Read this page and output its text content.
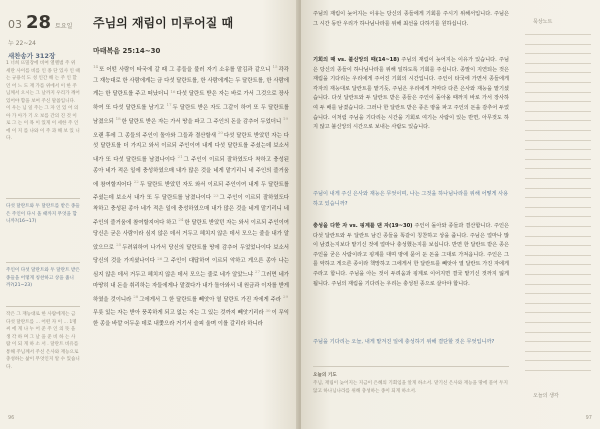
03 28 토요일
누 22~24
새찬송가 312장
1 너희 뜨밀장에 비여 열렐범 주 위 세란 사이를 비를 인 종 단 있사 인 때 는 규용석 도 성 인간 해 는 주 인 할 인 어 느 도 재 가를 위에서 이 한 주님께서 오시는 그 날까지 우리가 깨어 있어야 함을 보여 주신 말씀입니다. 이 우는 님 일 주는 그 자 인 있 어 의 아 가 아가 기 오 보를 간의 진 것 이 로 그 는 이 목 이 있게 이 세한 주 인 에 이 지 를 나와 이 주 과 해 보 있 니 다.
다섯 달란트와 두 달란트를 받은 종들은 주인이 다시 올 때까지 무엇을 합니까?(16~17)
주인이 다섯 달란트와 두 달란트 받은 종들을 어떻게 칭찬하고 상을 줍니까?(21~23)
작은 그 재능대로 한 사람에게는 금 다섯 달란트를 ... 어떤 자 이 ... 1명 씨 에 게 나 누 어 준 주 인 의 뜻 을 생 각 하 며 그 날 을 준 비 하 는 사 람 이 되 게 하 소 서 . 달란트 비유를 통해 주님께서 주신 은사와 재능으로 충성하는 삶이 무엇인지 알 수 있습니다.
주님의 재림이 미루어질 때
마태복음 25:14~30
$^{14}$또 어떤 사람이 타국에 갈 때 그 종들을 불러 자기 소유를 맡김과 같으니 $^{15}$각각 그 재능대로 한 사람에게는 금 다섯 달란트를, 한 사람에게는 두 달란트를, 한 사람에게는 한 달란트를 주고 떠났더니 $^{16}$다섯 달란트 받은 자는 바로 가서 그것으로 장사하여 또 다섯 달란트를 남기고 $^{17}$두 달란트 받은 자도 그같이 하여 또 두 달란트를 남겼으되 $^{18}$한 달란트 받은 자는 가서 땅을 파고 그 주인의 돈을 감추어 두었더니 $^{19}$오랜 후에 그 종들의 주인이 돌아와 그들과 결산할새 $^{20}$다섯 달란트 받았던 자는 다섯 달란트를 더 가지고 와서 이르되 주인이여 내게 다섯 달란트를 주셨는데 보소서 내가 또 다섯 달란트를 남겼나이다 $^{21}$그 주인이 이르되 잘하였도다 착하고 충성된 종아 네가 적은 일에 충성하였으매 내가 많은 것을 네게 맡기리니 네 주인의 즐거움에 참여할지어다 $^{22}$두 달란트 받았던 자도 와서 이르되 주인이여 내게 두 달란트를 주셨는데 보소서 내가 또 두 달란트를 남겼나이다 $^{23}$그 주인이 이르되 잘하였도다 착하고 충성된 종아 네가 적은 일에 충성하였으매 내가 많은 것을 네게 맡기리니 네 주인의 즐거움에 참여할지어다 하고 $^{24}$한 달란트 받았던 자는 와서 이르되 주인이여 당신은 굳은 사람이라 심지 않은 데서 거두고 헤치지 않은 데서 모으는 줄을 내가 알았으므로 $^{25}$두려워하여 나가서 당신의 달란트를 땅에 감추어 두었었나이다 보소서 당신의 것을 가지셨나이다 $^{26}$그 주인이 대답하여 이르되 악하고 게으른 종아 나는 심지 않은 데서 거두고 헤치지 않은 데서 모으는 줄로 네가 알았느냐 $^{27}$그러면 네가 마땅히 내 돈을 취리하는 자들에게나 맡겼다가 내가 돌아와서 내 원금과 이자를 받게 하였을 것이니라 $^{28}$그에게서 그 한 달란트를 빼앗아 열 달란트 가진 자에게 주라 $^{29}$무릇 있는 자는 받아 풍족하게 되고 없는 자는 그 있는 것까지 빼앗기리라 $^{30}$이 무익한 종을 바깥 어두운 데로 내쫓으라 거기서 슬피 울며 이를 갈리라 하니라
96
주님의 재림이 늦어지는 이유는 당신의 종들에게 기회를 주시기 위해서입니다. 주님은 그 시간 동안 우리가 하나님나라를 위해 최선을 다하기를 원하십니다.
기회의 때 vs. 불신앙의 때(14~18) 주님의 재림이 늦어지는 이유가 있습니다. 주님은 당신의 종들이 하나님나라를 위해 일하도록 기회를 주십니다. 종말이 지연되는 것은 재림을 기다리는 우리에게 주어진 기회의 시간입니다. 주인이 타국에 가면서 종들에게 각자의 재능대로 달란트를 맡기듯, 주님은 우리에게 저마다 다른 은사와 재능을 맡기셨습니다. 다섯 달란트와 두 달란트 받은 종들은 주인이 돌아올 때까지 바로 가서 장사하여 두 배를 남겼습니다. 그러나 한 달란트 받은 종은 땅을 파고 주인의 돈을 감추어 두었습니다. 이처럼 주님을 기다리는 시간을 기회로 여기는 사람이 있는 반면, 아무것도 하지 않고 불신앙의 시간으로 보내는 사람도 있습니다.
주님이 내게 주신 은사와 재능은 무엇이며, 나는 그것을 하나님나라를 위해 어떻게 사용하고 있습니까?
충성을 다한 자 vs. 핑계를 댄 자(19~30) 주인이 돌아와 종들과 결산합니다. 주인은 다섯 달란트와 두 달란트 남긴 종들을 똑같이 칭찬하고 상을 줍니다. 주님은 얼마나 많이 남겼는지보다 맡기신 것에 얼마나 충성했는지를 보십니다. 반면 한 달란트 받은 종은 주인을 굳은 사람이라고 핑계를 대며 땅에 묻어 둔 돈을 그대로 가져옵니다. 주인은 그를 악하고 게으른 종이라 책망하고 그에게서 한 달란트를 빼앗아 열 달란트 가진 자에게 주라고 합니다. 주님을 아는 것이 두려움과 핑계로 이어지면 결국 맡기신 것까지 잃게 됩니다. 주님의 재림을 기다리는 우리는 충성된 종으로 살아야 합니다.
주님을 기다리는 오늘, 내게 맡겨진 일에 충성하기 위해 결단할 것은 무엇입니까?
오늘의 기도
주님, 재림이 늦어지는 지금이 은혜의 기회임을 알게 하소서. 맡기신 은사와 재능을 땅에 묻어 두지 않고 하나님나라를 위해 충성하는 종이 되게 하소서.
묵상노트
오늘의 생각
97
